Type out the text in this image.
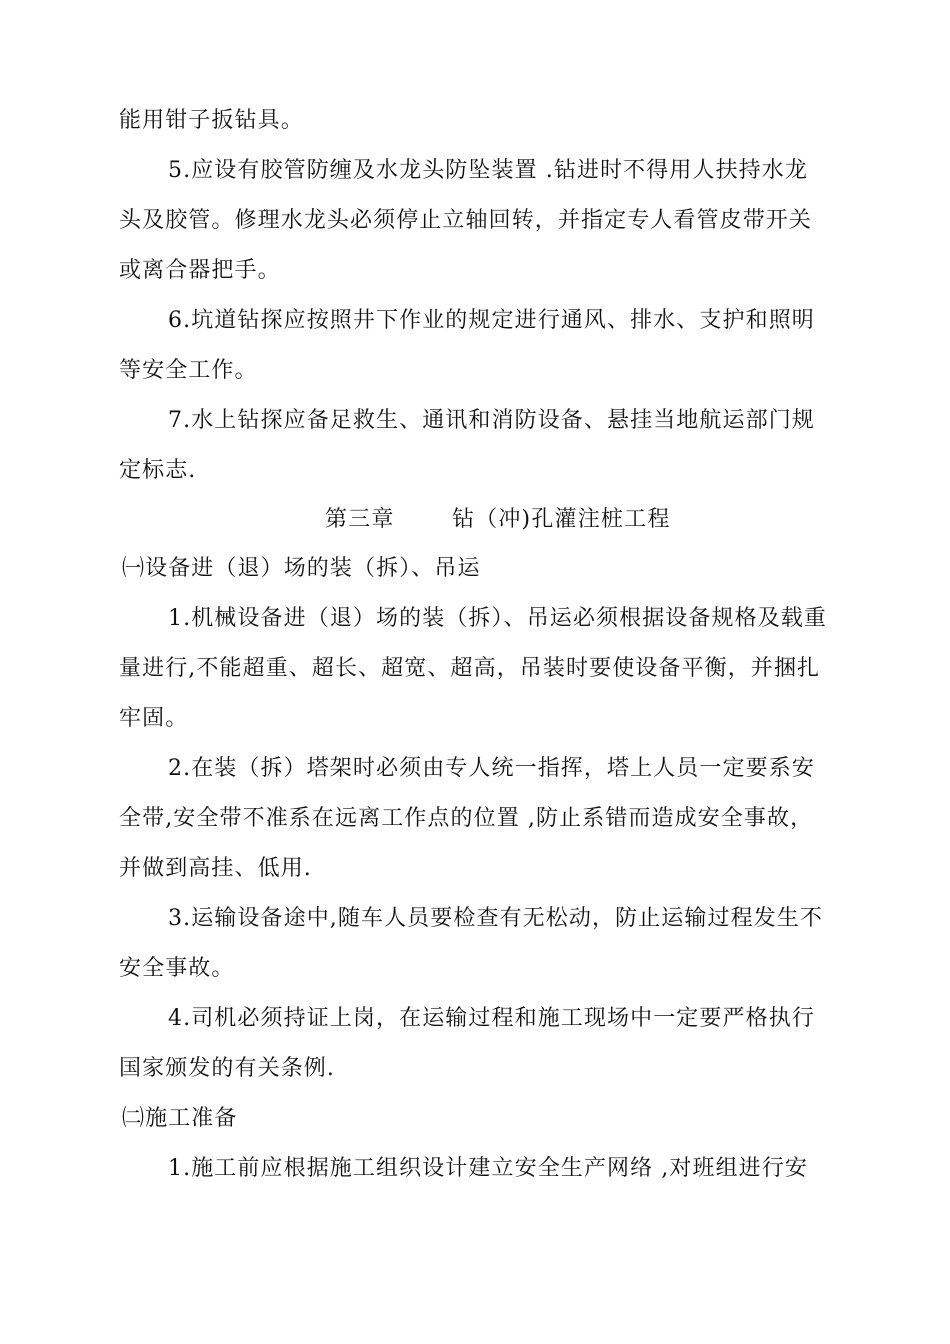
能用钳子扳钻具。
5.应设有胶管防缠及水龙头防坠装置 .钻进时不得用人扶持水龙
头及胶管。修理水龙头必须停止立轴回转，并指定专人看管皮带开关
或离合器把手。
6.坑道钻探应按照井下作业的规定进行通风、排水、支护和照明
等安全工作。
7.水上钻探应备足救生、通讯和消防设备、悬挂当地航运部门规
定标志.
第三章       钻（冲)孔灌注桩工程
㈠设备进（退）场的装（拆）、吊运
1.机械设备进（退）场的装（拆）、吊运必须根据设备规格及载重
量进行,不能超重、超长、超宽、超高，吊装时要使设备平衡，并捆扎
牢固。
2.在装（拆）塔架时必须由专人统一指挥，塔上人员一定要系安
全带,安全带不准系在远离工作点的位置 ,防止系错而造成安全事故，
并做到高挂、低用.
3.运输设备途中,随车人员要检查有无松动，防止运输过程发生不
安全事故。
4.司机必须持证上岗，在运输过程和施工现场中一定要严格执行
国家颁发的有关条例.
㈡施工准备
1.施工前应根据施工组织设计建立安全生产网络 ,对班组进行安
